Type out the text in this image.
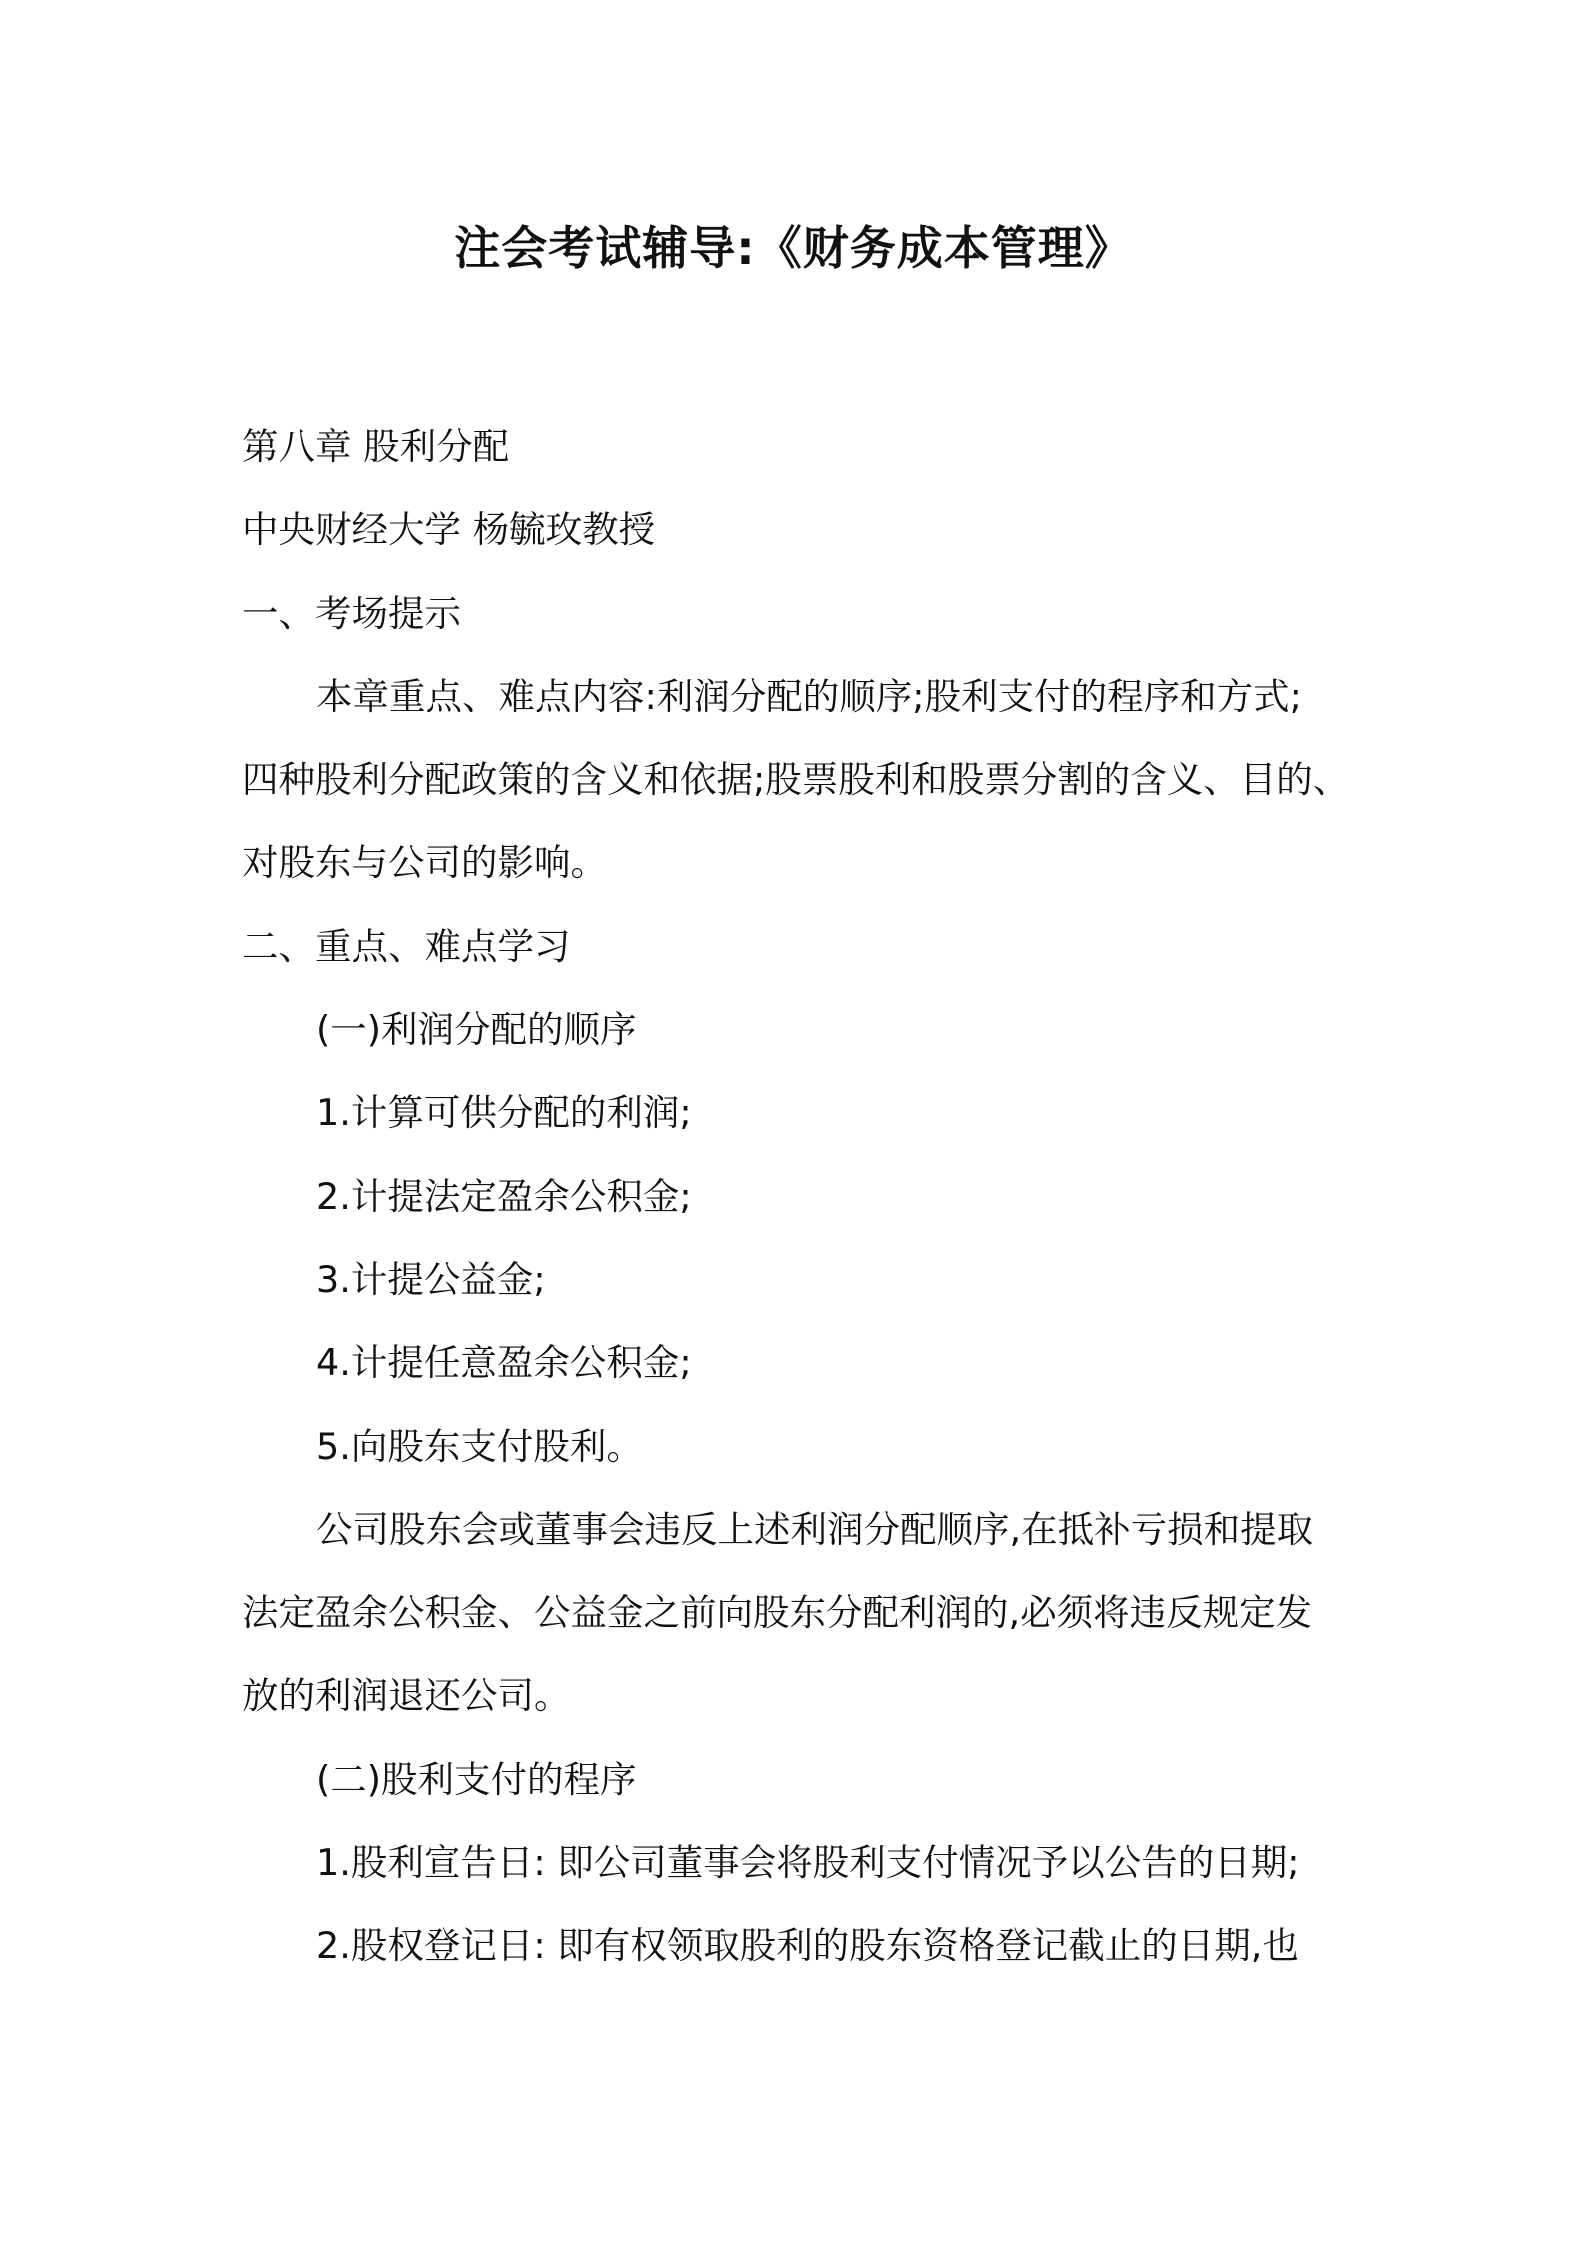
注会考试辅导:《财务成本管理》
第八章 股利分配
中央财经大学 杨毓玫教授
一、考场提示
本章重点、难点内容:利润分配的顺序;股利支付的程序和方式;
四种股利分配政策的含义和依据;股票股利和股票分割的含义、目的、
对股东与公司的影响。
二、重点、难点学习
(一)利润分配的顺序
1.计算可供分配的利润;
2.计提法定盈余公积金;
3.计提公益金;
4.计提任意盈余公积金;
5.向股东支付股利。
公司股东会或董事会违反上述利润分配顺序,在抵补亏损和提取
法定盈余公积金、公益金之前向股东分配利润的,必须将违反规定发
放的利润退还公司。
(二)股利支付的程序
1.股利宣告日: 即公司董事会将股利支付情况予以公告的日期;
2.股权登记日: 即有权领取股利的股东资格登记截止的日期,也
